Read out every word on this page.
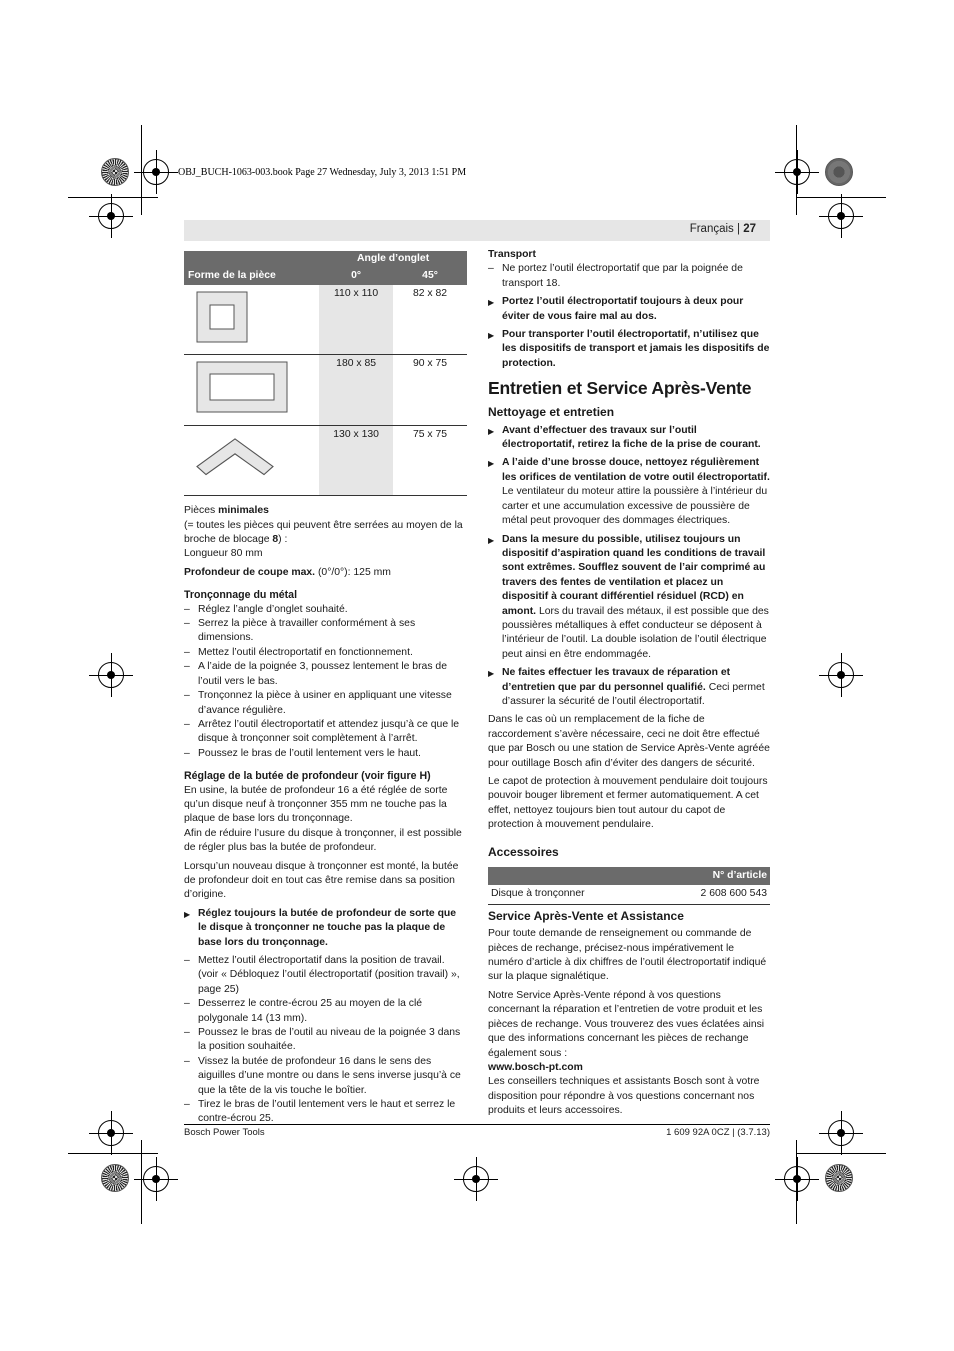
OBJ_BUCH-1063-003.book Page 27 Wednesday, July 3, 2013 1:51 PM
Français | 27
	Angle d’onglet	
Forme de la pièce	0°	45°
	110 x 110	82 x 82
	180 x 85	90 x 75
	130 x 130	75 x 75

Pièces minimales

(= toutes les pièces qui peuvent être serrées au moyen de la broche de blocage 8) :

Longueur 80 mm

Profondeur de coupe max. (0°/0°): 125 mm

Tronçonnage du métal

– Réglez l’angle d’onglet souhaité.

– Serrez la pièce à travailler conformément à ses dimensions.

– Mettez l’outil électroportatif en fonctionnement.

– A l’aide de la poignée 3, poussez lentement le bras de l’outil vers le bas.

– Tronçonnez la pièce à usiner en appliquant une vitesse d’avance régulière.

– Arrêtez l’outil électroportatif et attendez jusqu’à ce que le disque à tronçonner soit complètement à l’arrêt.

– Poussez le bras de l’outil lentement vers le haut.

Réglage de la butée de profondeur (voir figure H)

En usine, la butée de profondeur 16 a été réglée de sorte qu’un disque neuf à tronçonner 355 mm ne touche pas la plaque de base lors du tronçonnage.

Afin de réduire l’usure du disque à tronçonner, il est possible de régler plus bas la butée de profondeur.

Lorsqu’un nouveau disque à tronçonner est monté, la butée de profondeur doit en tout cas être remise dans sa position d’origine.

▶ Réglez toujours la butée de profondeur de sorte que le disque à tronçonner ne touche pas la plaque de base lors du tronçonnage.

– Mettez l’outil électroportatif dans la position de travail. (voir « Débloquez l’outil électroportatif (position travail) », page 25)

– Desserrez le contre-écrou 25 au moyen de la clé polygonale 14 (13 mm).

– Poussez le bras de l’outil au niveau de la poignée 3 dans la position souhaitée.

– Vissez la butée de profondeur 16 dans le sens des aiguilles d’une montre ou dans le sens inverse jusqu’à ce que la tête de la vis touche le boîtier.

– Tirez le bras de l’outil lentement vers le haut et serrez le contre-écrou 25.

Transport

– Ne portez l’outil électroportatif que par la poignée de transport 18.

▶ Portez l’outil électroportatif toujours à deux pour éviter de vous faire mal au dos.

▶ Pour transporter l’outil électroportatif, n’utilisez que les dispositifs de transport et jamais les dispositifs de protection.

Entretien et Service Après-Vente

Nettoyage et entretien

▶ Avant d’effectuer des travaux sur l’outil électroportatif, retirez la fiche de la prise de courant.

▶ A l’aide d’une brosse douce, nettoyez régulièrement les orifices de ventilation de votre outil électroportatif. Le ventilateur du moteur attire la poussière à l’intérieur du carter et une accumulation excessive de poussière de métal peut provoquer des dommages électriques.

▶ Dans la mesure du possible, utilisez toujours un dispositif d’aspiration quand les conditions de travail sont extrêmes. Soufflez souvent de l’air comprimé au travers des fentes de ventilation et placez un dispositif à courant différentiel résiduel (RCD) en amont. Lors du travail des métaux, il est possible que des poussières métalliques à effet conducteur se déposent à l’intérieur de l’outil. La double isolation de l’outil électrique peut ainsi en être endommagée.

▶ Ne faites effectuer les travaux de réparation et d’entretien que par du personnel qualifié. Ceci permet d’assurer la sécurité de l’outil électroportatif.

Dans le cas où un remplacement de la fiche de raccordement s’avère nécessaire, ceci ne doit être effectué que par Bosch ou une station de Service Après-Vente agréée pour outillage Bosch afin d’éviter des dangers de sécurité.

Le capot de protection à mouvement pendulaire doit toujours pouvoir bouger librement et fermer automatiquement. A cet effet, nettoyez toujours bien tout autour du capot de protection à mouvement pendulaire.

Accessoires

N° d’article
Disque à tronçonner	2 608 600 543

Service Après-Vente et Assistance

Pour toute demande de renseignement ou commande de pièces de rechange, précisez-nous impérativement le numéro d’article à dix chiffres de l’outil électroportatif indiqué sur la plaque signalétique.

Notre Service Après-Vente répond à vos questions concernant la réparation et l’entretien de votre produit et les pièces de rechange. Vous trouverez des vues éclatées ainsi que des informations concernant les pièces de rechange également sous :

www.bosch-pt.com

Les conseillers techniques et assistants Bosch sont à votre disposition pour répondre à vos questions concernant nos produits et leurs accessoires.

Bosch Power Tools	1 609 92A 0CZ | (3.7.13)
